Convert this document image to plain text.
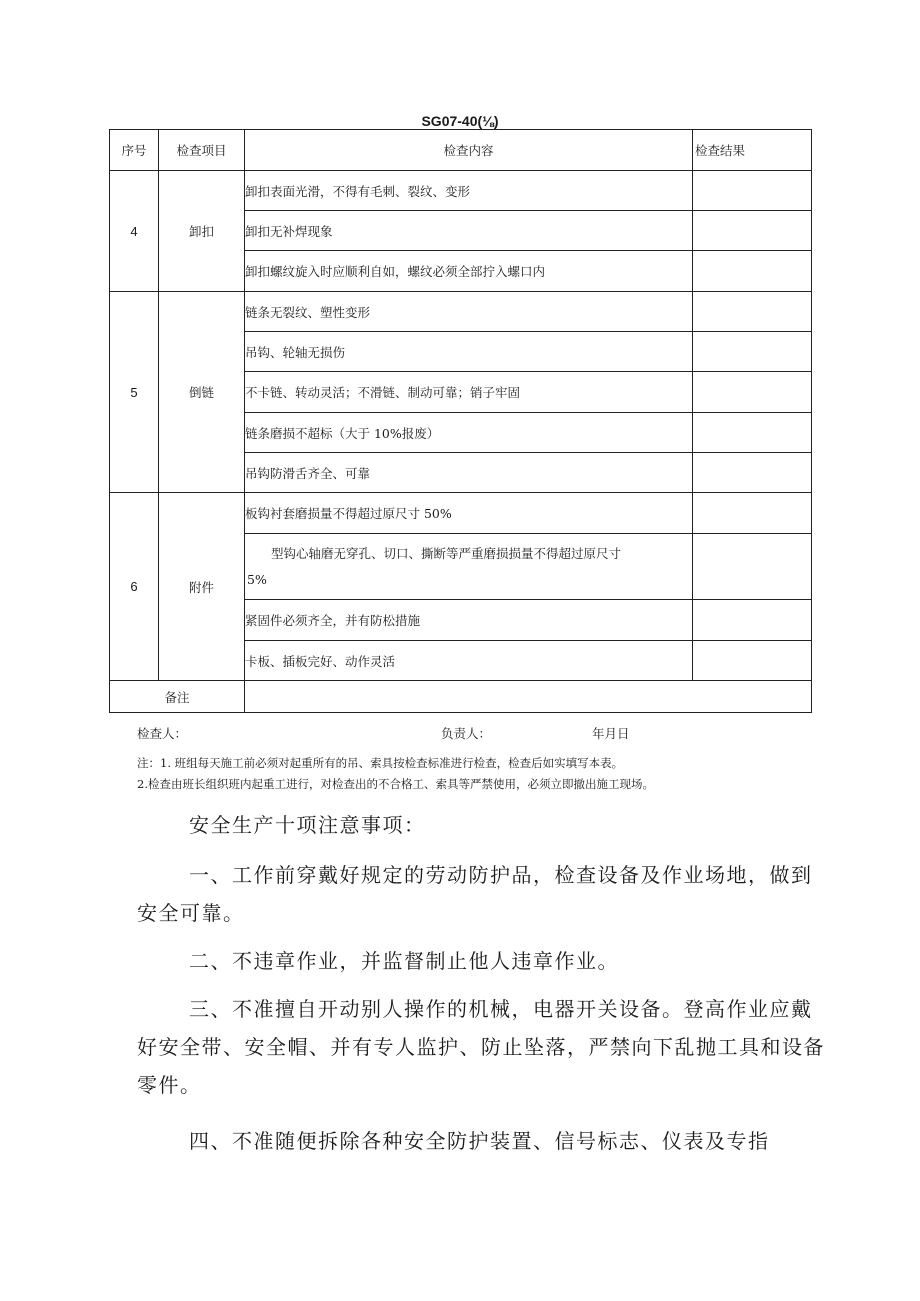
SG07-40(⅛)
序号	检查项目	检查内容	检查结果
4	卸扣	卸扣表面光滑，不得有毛刺、裂纹、变形	
		卸扣无补焊现象	
		卸扣螺纹旋入时应顺利自如，螺纹必须全部拧入螺口内	
5	倒链	链条无裂纹、塑性变形	
		吊钩、轮轴无损伤	
		不卡链、转动灵活；不滑链、制动可靠；销子牢固	
		链条磨损不超标（大于 10%报废）	
		吊钩防滑舌齐全、可靠	
6	附件	板钩衬套磨损量不得超过原尺寸 50%	

		型钩心轴磨无穿孔、切口、撕断等严重磨损损量不得超过原尺寸
5%	
		紧固件必须齐全，并有防松措施	
		卡板、插板完好、动作灵活	
备注			
检查人：	负责人：	年月日
注：1. 班组每天施工前必须对起重所有的吊、索具按检查标准进行检查，检查后如实填写本表。
2.检查由班长组织班内起重工进行，对检查出的不合格工、索具等严禁使用，必须立即撤出施工现场。

安全生产十项注意事项：

一、工作前穿戴好规定的劳动防护品，检查设备及作业场地，做到安全可靠。

二、不违章作业，并监督制止他人违章作业。

三、不准擅自开动别人操作的机械，电器开关设备。登高作业应戴好安全带、安全帽、并有专人监护、防止坠落，严禁向下乱抛工具和设备零件。

四、不准随便拆除各种安全防护装置、信号标志、仪表及专指
